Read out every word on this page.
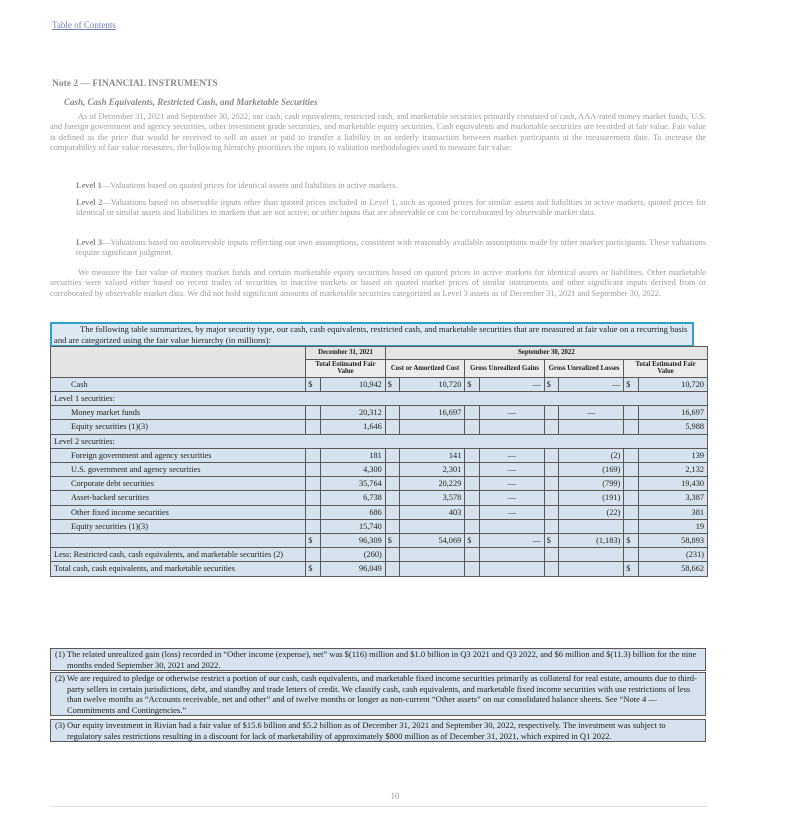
Table of Contents
Note 2 — FINANCIAL INSTRUMENTS
Cash, Cash Equivalents, Restricted Cash, and Marketable Securities

As of December 31, 2021 and September 30, 2022, our cash, cash equivalents, restricted cash, and marketable securities primarily consisted of cash, AAA-rated money market funds, U.S. and foreign government and agency securities, other investment grade securities, and marketable equity securities. Cash equivalents and marketable securities are recorded at fair value. Fair value is defined as the price that would be received to sell an asset or paid to transfer a liability in an orderly transaction between market participants at the measurement date. To increase the comparability of fair value measures, the following hierarchy prioritizes the inputs to valuation methodologies used to measure fair value:

Level 1—Valuations based on quoted prices for identical assets and liabilities in active markets.

Level 2—Valuations based on observable inputs other than quoted prices included in Level 1, such as quoted prices for similar assets and liabilities in active markets, quoted prices for identical or similar assets and liabilities in markets that are not active, or other inputs that are observable or can be corroborated by observable market data.

Level 3—Valuations based on unobservable inputs reflecting our own assumptions, consistent with reasonably available assumptions made by other market participants. These valuations require significant judgment.

We measure the fair value of money market funds and certain marketable equity securities based on quoted prices in active markets for identical assets or liabilities. Other marketable securities were valued either based on recent trades of securities in inactive markets or based on quoted market prices of similar instruments and other significant inputs derived from or corroborated by observable market data. We did not hold significant amounts of marketable securities categorized as Level 3 assets as of December 31, 2021 and September 30, 2022.

The following table summarizes, by major security type, our cash, cash equivalents, restricted cash, and marketable securities that are measured at fair value on a recurring basis and are categorized using the fair value hierarchy (in millions):
	December 31, 2021		September 30, 2022							
	Total Estimated Fair Value		Cost or Amortized Cost		Gross Unrealized Gains		Gross Unrealized Losses		Total Estimated Fair Value	
Cash	$	10,942	$	10,720	$	—	$	—	$	10,720
Level 1 securities:										
Money market funds		20,312		16,697		—		—		16,697
Equity securities (1)(3)		1,646								5,988
Level 2 securities:										
Foreign government and agency securities		181		141		—		(2)		139
U.S. government and agency securities		4,300		2,301		—		(169)		2,132
Corporate debt securities		35,764		20,229		—		(799)		19,430
Asset-backed securities		6,738		3,578		—		(191)		3,387
Other fixed income securities		686		403		—		(22)		381
Equity securities (1)(3)		15,740								19
	$	96,309	$	54,069	$	—	$	(1,183)	$	58,893
Less: Restricted cash, cash equivalents, and marketable securities (2)		(260)								(231)
Total cash, cash equivalents, and marketable securities	$	96,049							$	58,662
(1) The related unrealized gain (loss) recorded in “Other income (expense), net” was $(116) million and $1.0 billion in Q3 2021 and Q3 2022, and $6 million and $(11.3) billion for the nine months ended September 30, 2021 and 2022.
(2) We are required to pledge or otherwise restrict a portion of our cash, cash equivalents, and marketable fixed income securities primarily as collateral for real estate, amounts due to third-party sellers in certain jurisdictions, debt, and standby and trade letters of credit. We classify cash, cash equivalents, and marketable fixed income securities with use restrictions of less than twelve months as “Accounts receivable, net and other” and of twelve months or longer as non-current “Other assets” on our consolidated balance sheets. See “Note 4 — Commitments and Contingencies.”
(3) Our equity investment in Rivian had a fair value of $15.6 billion and $5.2 billion as of December 31, 2021 and September 30, 2022, respectively. The investment was subject to regulatory sales restrictions resulting in a discount for lack of marketability of approximately $800 million as of December 31, 2021, which expired in Q1 2022.
10
